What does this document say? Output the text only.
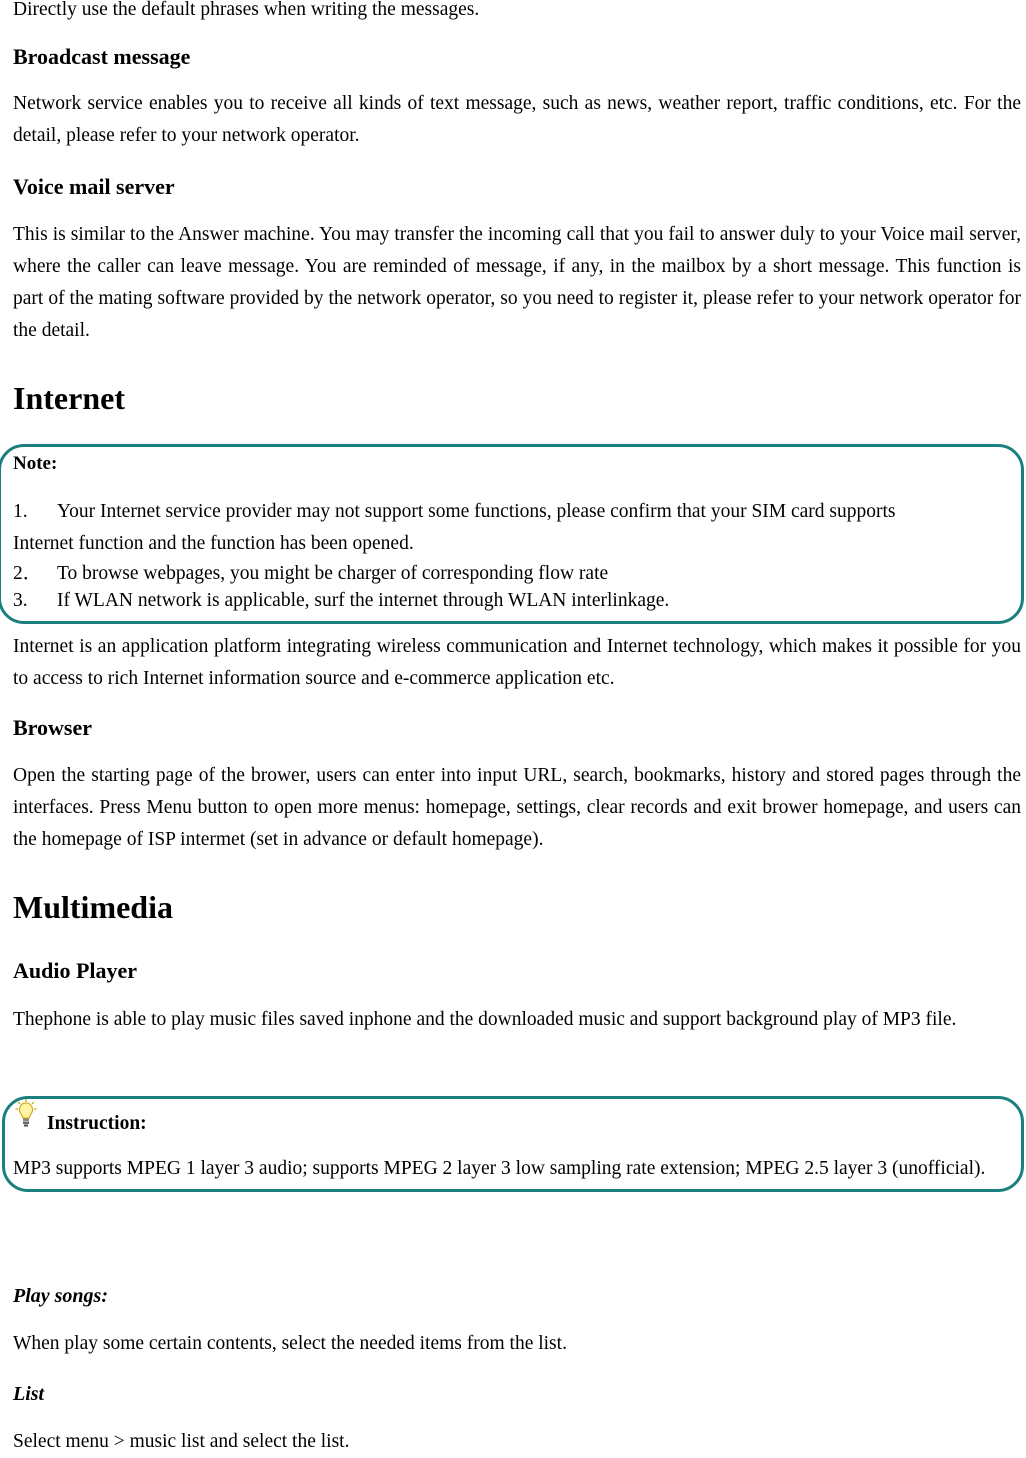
Directly use the default phrases when writing the messages.
Broadcast message
Network service enables you to receive all kinds of text message, such as news, weather report, traffic conditions, etc. For the detail, please refer to your network operator.
Voice mail server
This is similar to the Answer machine. You may transfer the incoming call that you fail to answer duly to your Voice mail server, where the caller can leave message. You are reminded of message, if any, in the mailbox by a short message. This function is part of the mating software provided by the network operator, so you need to register it, please refer to your network operator for the detail.
Internet
Note:
1. Your Internet service provider may not support some functions, please confirm that your SIM card supports
Internet function and the function has been opened.
2． To browse webpages, you might be charger of corresponding flow rate
3. If WLAN network is applicable, surf the internet through WLAN interlinkage.
Internet is an application platform integrating wireless communication and Internet technology, which makes it possible for you to access to rich Internet information source and e-commerce application etc.
Browser
Open the starting page of the brower, users can enter into input URL, search, bookmarks, history and stored pages through the interfaces. Press Menu button to open more menus: homepage, settings, clear records and exit brower homepage, and users can the homepage of ISP intermet (set in advance or default homepage).
Multimedia
Audio Player
Thephone is able to play music files saved inphone and the downloaded music and support background play of MP3 file.
Instruction:
MP3 supports MPEG 1 layer 3 audio; supports MPEG 2 layer 3 low sampling rate extension; MPEG 2.5 layer 3 (unofficial).
Play songs:
When play some certain contents, select the needed items from the list.
List
Select menu > music list and select the list.
